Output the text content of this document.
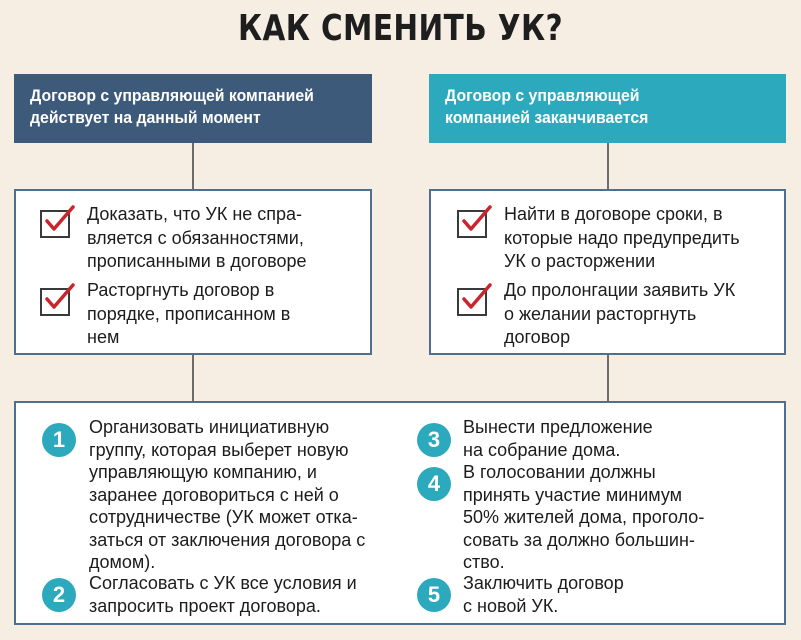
КАК СМЕНИТЬ УК?
Договор с управляющей компанией
действует на данный момент
Договор с управляющей
компанией заканчивается
Доказать, что УК не спра-
вляется с обязанностями,
прописанными в договоре
Расторгнуть договор в
порядке, прописанном в
нем
Найти в договоре сроки, в
которые надо предупредить
УК о расторжении
До пролонгации заявить УК
о желании расторгнуть
договор
1	Организовать инициативную
группу, которая выберет новую
управляющую компанию, и
заранее договориться с ней о
сотрудничестве (УК может отка-
заться от заключения договора с
домом).
2	Согласовать с УК все условия и
запросить проект договора.
3	Вынести предложение
на собрание дома.
4	В голосовании должны
принять участие минимум
50% жителей дома, проголо-
совать за должно большин-
ство.
5	Заключить договор
с новой УК.
